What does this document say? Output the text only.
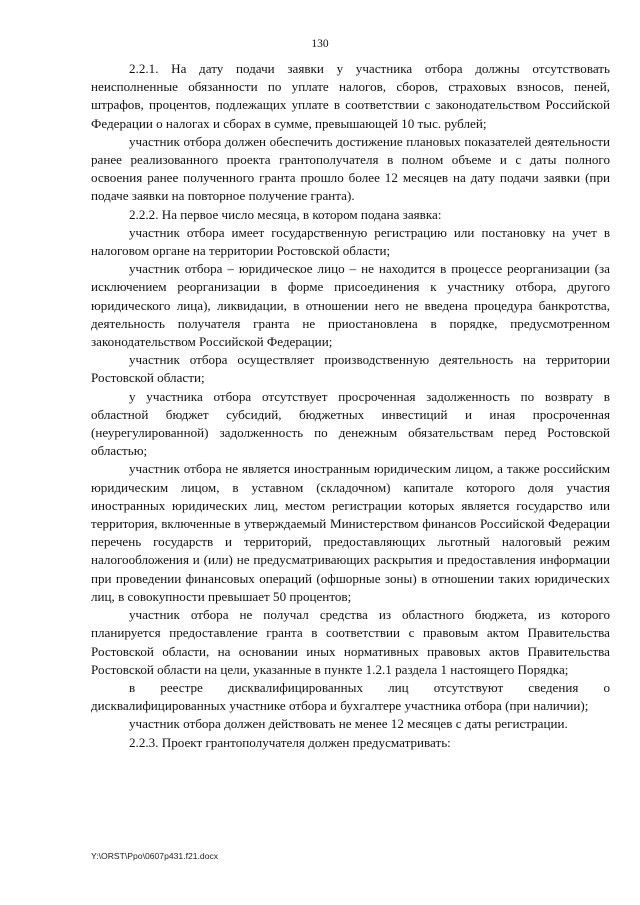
130

2.2.1. На дату подачи заявки у участника отбора должны отсутствовать неисполненные обязанности по уплате налогов, сборов, страховых взносов, пеней, штрафов, процентов, подлежащих уплате в соответствии с законодательством Российской Федерации о налогах и сборах в сумме, превышающей 10 тыс. рублей;

участник отбора должен обеспечить достижение плановых показателей деятельности ранее реализованного проекта грантополучателя в полном объеме и с даты полного освоения ранее полученного гранта прошло более 12 месяцев на дату подачи заявки (при подаче заявки на повторное получение гранта).

2.2.2. На первое число месяца, в котором подана заявка:

участник отбора имеет государственную регистрацию или постановку на учет в налоговом органе на территории Ростовской области;

участник отбора – юридическое лицо – не находится в процессе реорганизации (за исключением реорганизации в форме присоединения к участнику отбора, другого юридического лица), ликвидации, в отношении него не введена процедура банкротства, деятельность получателя гранта не приостановлена в порядке, предусмотренном законодательством Российской Федерации;

участник отбора осуществляет производственную деятельность на территории Ростовской области;

у участника отбора отсутствует просроченная задолженность по возврату в областной бюджет субсидий, бюджетных инвестиций и иная просроченная (неурегулированной) задолженность по денежным обязательствам перед Ростовской областью;

участник отбора не является иностранным юридическим лицом, а также российским юридическим лицом, в уставном (складочном) капитале которого доля участия иностранных юридических лиц, местом регистрации которых является государство или территория, включенные в утверждаемый Министерством финансов Российской Федерации перечень государств и территорий, предоставляющих льготный налоговый режим налогообложения и (или) не предусматривающих раскрытия и предоставления информации при проведении финансовых операций (офшорные зоны) в отношении таких юридических лиц, в совокупности превышает 50 процентов;

участник отбора не получал средства из областного бюджета, из которого планируется предоставление гранта в соответствии с правовым актом Правительства Ростовской области, на основании иных нормативных правовых актов Правительства Ростовской области на цели, указанные в пункте 1.2.1 раздела 1 настоящего Порядка;

в реестре дисквалифицированных лиц отсутствуют сведения о дисквалифицированных участнике отбора и бухгалтере участника отбора (при наличии);

участник отбора должен действовать не менее 12 месяцев с даты регистрации.

2.2.3. Проект грантополучателя должен предусматривать:

Y:\ORST\Ppo\0607p431.f21.docx
